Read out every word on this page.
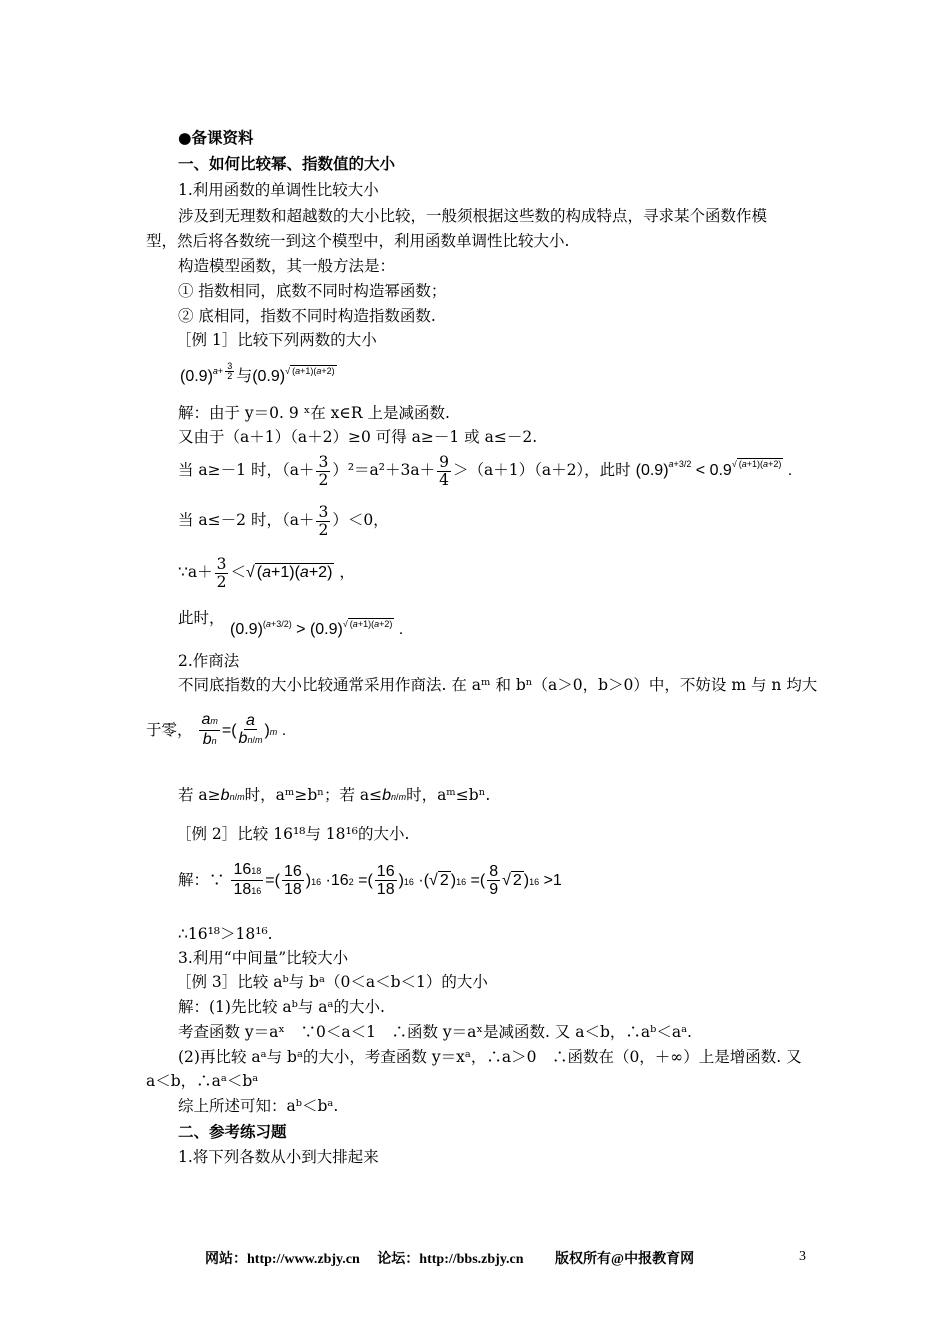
●备课资料
一、如何比较幂、指数值的大小
1.利用函数的单调性比较大小
涉及到无理数和超越数的大小比较，一般须根据这些数的构成特点，寻求某个函数作模
型，然后将各数统一到这个模型中，利用函数单调性比较大小.
构造模型函数，其一般方法是：
① 指数相同，底数不同时构造幂函数；
② 底相同，指数不同时构造指数函数.
［例 1］比较下列两数的大小
$(0.9)^{a+ \frac{3}{2}}$ 与$(0.9)^{√ (a+1)(a+2)}$
解：由于 y＝0. 9 ˣ在 x∈R 上是减函数.
又由于（a＋1）（a＋2）≥0 可得 a≥－1 或 a≤－2.
当 a≥－1 时，$(a+ \frac{3}{2} )^2=a^2+3a+ \frac{9}{4} >(a+1)(a+2)$，此时 $(0.9)^{a+3/2} < 0.9^{√ (a+1)(a+2)}$ .
当 a≤－2 时，$(a+ \frac{3}{2} )<0$，
∵a＋ $\frac{3}{2}$ ＜√ (a+1)(a+2) ，
此时，
$(0.9)^{(a+3/2)} > (0.9)^{√ (a+1)(a+2)}$ .
2.作商法
不同底指数的大小比较通常采用作商法. 在 aᵐ 和 bⁿ（a＞0，b＞0）中，不妨设 m 与 n 均大
于零， $\frac{am}{bn}$ =( $\frac{a}{bn/m} )m$ .
若 a≥bn/m时，aᵐ≥bⁿ；若 a≤bn/m时，aᵐ≤bⁿ.
［例 2］比较 16¹⁸与 18¹⁶的大小.
解：∵ $\frac{1618}{1816}$ =( $\frac{16}{18} )16 \cdot 162$ =( $\frac{16}{18} )16$ ·(√ 2 )16 =( $\frac{8}{9}$ √ 2 )16 >1
∴16¹⁸＞18¹⁶.
3.利用“中间量”比较大小
［例 3］比较 aᵇ与 bᵃ（0＜a＜b＜1）的大小
解：(1)先比较 aᵇ与 aᵃ的大小.
考查函数 y＝aˣ　∵0＜a＜1　∴函数 y＝aˣ是减函数. 又 a＜b，∴aᵇ＜aᵃ.
(2)再比较 aᵃ与 bᵃ的大小，考查函数 y＝xᵃ，∴a＞0　∴函数在（0，＋∞）上是增函数. 又
a＜b，∴aᵃ＜bᵃ
综上所述可知：aᵇ＜bᵃ.
二、参考练习题
1.将下列各数从小到大排起来
网站：http://www.zbjy.cn 论坛：http://bbs.zbjy.cn 版权所有@中报教育网	3
